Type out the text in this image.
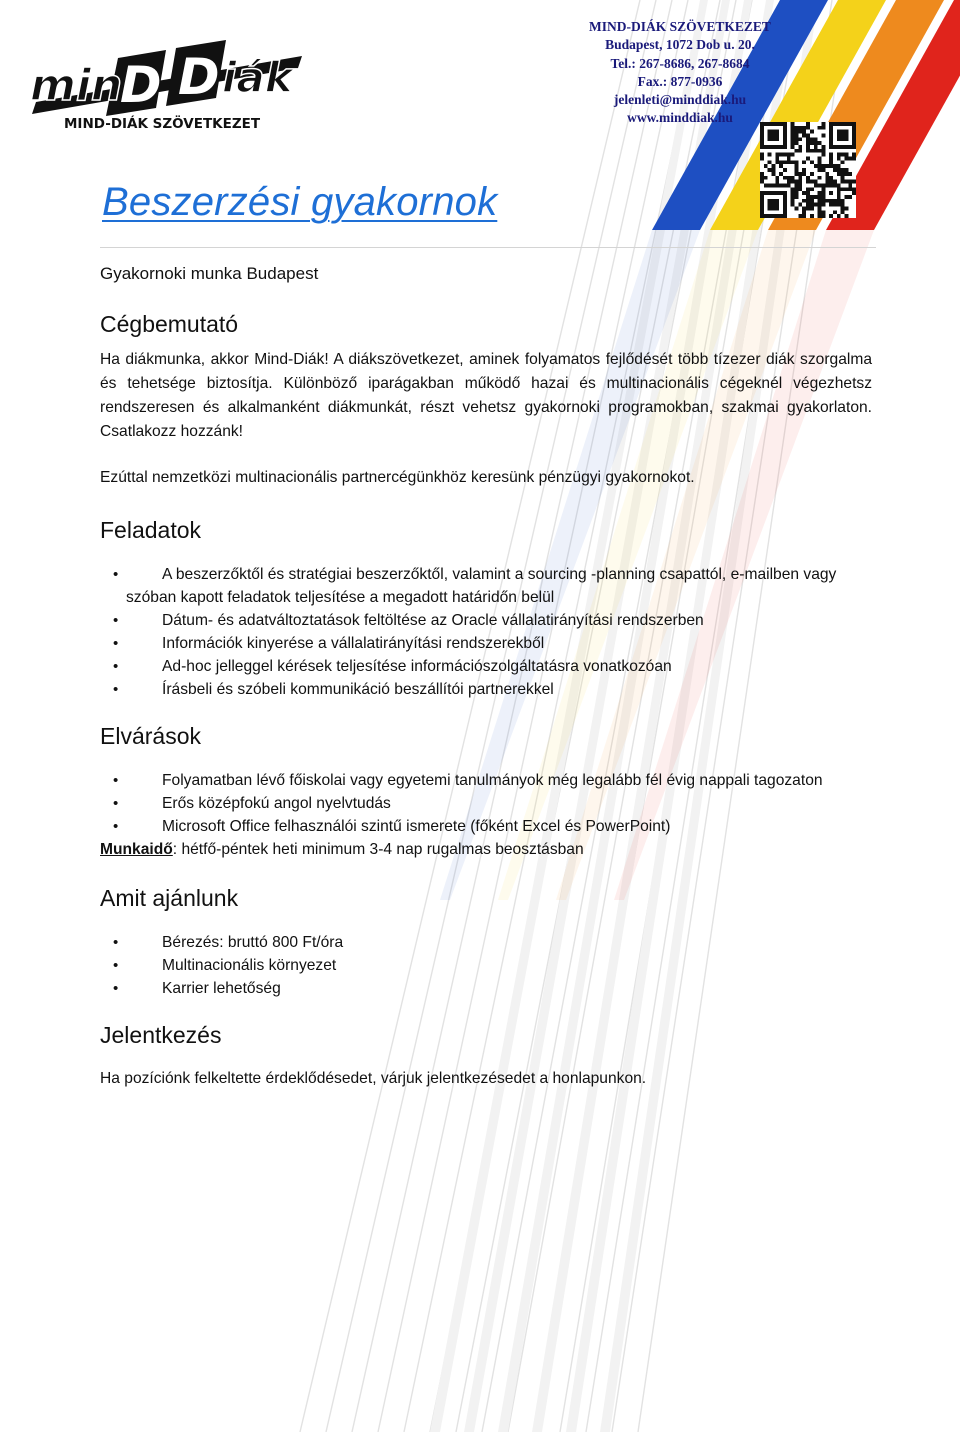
MIND-DIÁK SZÖVETKEZET
Budapest, 1072 Dob u. 20.
Tel.: 267-8686, 267-8684
Fax.: 877-0936
jelenleti@minddiak.hu
www.minddiak.hu
min
D D iák
MIND-DIÁK SZÖVETKEZET
Beszerzési gyakornok

Gyakornoki munka Budapest

Cégbemutató

Ha diákmunka, akkor Mind-Diák! A diákszövetkezet, aminek folyamatos fejlődését több tízezer diák szorgalma és tehetsége biztosítja. Különböző iparágakban működő hazai és multinacionális cégeknél végezhetsz rendszeresen és alkalmanként diákmunkát, részt vehetsz gyakornoki programokban, szakmai gyakorlaton. Csatlakozz hozzánk!

Ezúttal nemzetközi multinacionális partnercégünkhöz keresünk pénzügyi gyakornokot.

Feladatok
•	A beszerzőktől és stratégiai beszerzőktől, valamint a sourcing -planning csapattól, e-mailben vagy szóban kapott feladatok teljesítése a megadott határidőn belül
•	Dátum- és adatváltoztatások feltöltése az Oracle vállalatirányítási rendszerben
•	Információk kinyerése a vállalatirányítási rendszerekből
•	Ad-hoc jelleggel kérések teljesítése információszolgáltatásra vonatkozóan
•	Írásbeli és szóbeli kommunikáció beszállítói partnerekkel
Elvárások
•	Folyamatban lévő főiskolai vagy egyetemi tanulmányok még legalább fél évig nappali tagozaton
•	Erős középfokú angol nyelvtudás
•	Microsoft Office felhasználói szintű ismerete (főként Excel és PowerPoint)

Munkaidő: hétfő-péntek heti minimum 3-4 nap rugalmas beosztásban

Amit ajánlunk
•	Bérezés: bruttó 800 Ft/óra
•	Multinacionális környezet
•	Karrier lehetőség
Jelentkezés

Ha pozíciónk felkeltette érdeklődésedet, várjuk jelentkezésedet a honlapunkon.
